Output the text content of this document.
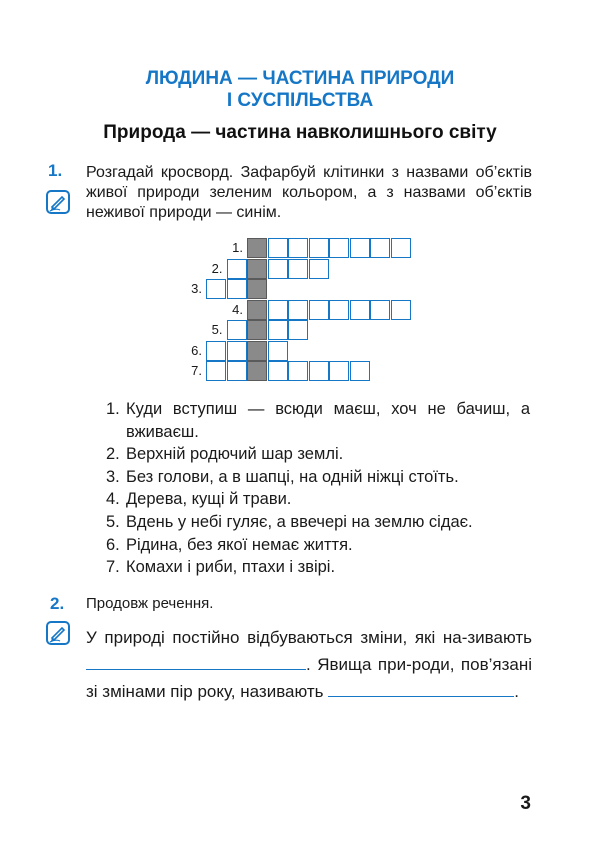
ЛЮДИНА — ЧАСТИНА ПРИРОДИ
І СУСПІЛЬСТВА
Природа — частина навколишнього світу
1. Розгадай кросворд. Зафарбуй клітинки з назвами об’єктів живої природи зеленим кольором, а з назвами об’єктів неживої природи — синім.
1.
2.
3.
4.
5.
6.
7.
1. Куди вступиш — всюди маєш, хоч не бачиш, а вживаєш.
2. Верхній родючий шар землі.
3. Без голови, а в шапці, на одній ніжці стоїть.
4. Дерева, кущі й трави.
5. Вдень у небі гуляє, а ввечері на землю сідає.
6. Рідина, без якої немає життя.
7. Комахи і риби, птахи і звірі.
2. Продовж речення.
У природі постійно відбуваються зміни, які на-зивають . Явища при-роди, пов’язані зі змінами пір року, називають	.
3
